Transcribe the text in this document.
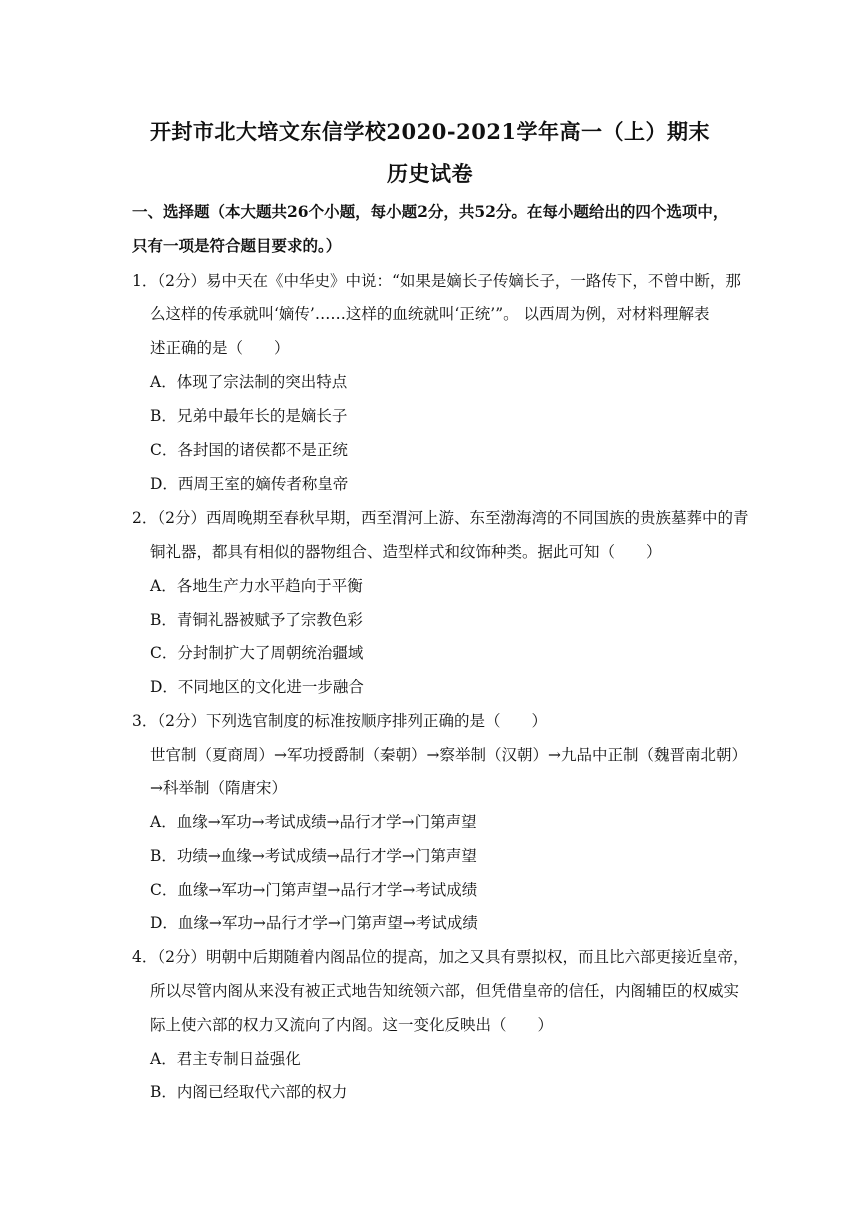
开封市北大培文东信学校2020-2021学年高一（上）期末
历史试卷
一、选择题（本大题共26个小题，每小题2分，共52分。在每小题给出的四个选项中，
只有一项是符合题目要求的。）
1．（2分）易中天在《中华史》中说：“如果是嫡长子传嫡长子，一路传下，不曾中断，那
么这样的传承就叫‘嫡传’……这样的血统就叫‘正统’”。 以西周为例，对材料理解表
述正确的是（　　）
A．体现了宗法制的突出特点
B．兄弟中最年长的是嫡长子
C．各封国的诸侯都不是正统
D．西周王室的嫡传者称皇帝
2．（2分）西周晚期至春秋早期，西至渭河上游、东至渤海湾的不同国族的贵族墓葬中的青
铜礼器，都具有相似的器物组合、造型样式和纹饰种类。据此可知（　　）
A．各地生产力水平趋向于平衡
B．青铜礼器被赋予了宗教色彩
C．分封制扩大了周朝统治疆域
D．不同地区的文化进一步融合
3．（2分）下列选官制度的标准按顺序排列正确的是（　　）
世官制（夏商周）→军功授爵制（秦朝）→察举制（汉朝）→九品中正制（魏晋南北朝）
→科举制（隋唐宋）
A．血缘→军功→考试成绩→品行才学→门第声望
B．功绩→血缘→考试成绩→品行才学→门第声望
C．血缘→军功→门第声望→品行才学→考试成绩
D．血缘→军功→品行才学→门第声望→考试成绩
4．（2分）明朝中后期随着内阁品位的提高，加之又具有票拟权，而且比六部更接近皇帝，
所以尽管内阁从来没有被正式地告知统领六部，但凭借皇帝的信任，内阁辅臣的权威实
际上使六部的权力又流向了内阁。这一变化反映出（　　）
A．君主专制日益强化
B．内阁已经取代六部的权力
